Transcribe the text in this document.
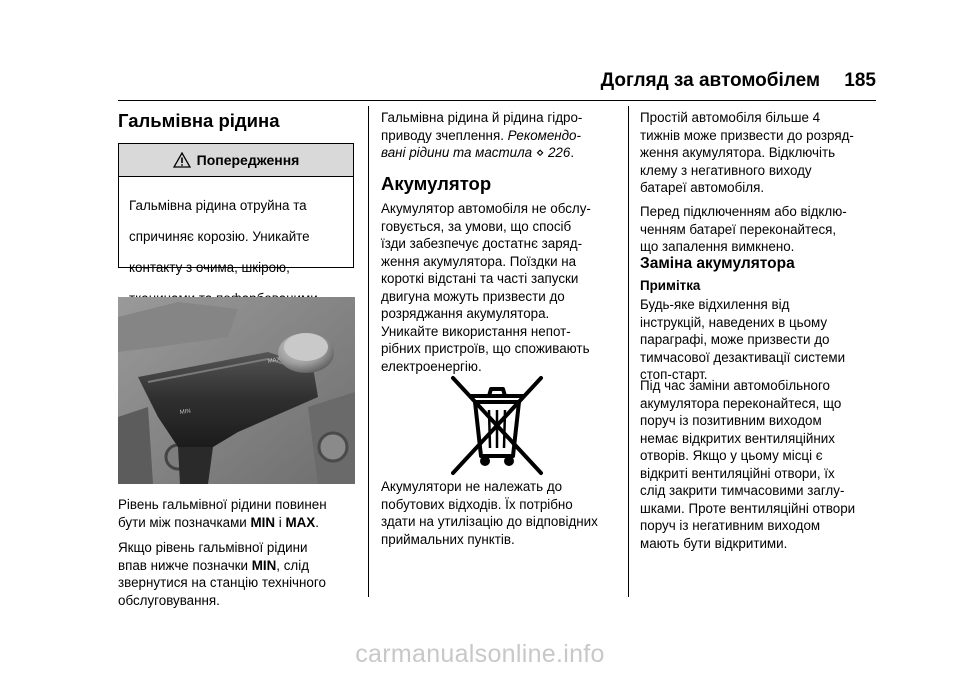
Догляд за автомобілем	185
Гальмівна рідина
Попередження

Гальмівна рідина отруйна та

спричиняє корозію. Уникайте

контакту з очима, шкірою,

MAX
MIN

Рівень гальмівної рідини повинен

бути між позначками MIN і MAX.

Якщо рівень гальмівної рідини

впав нижче позначки MIN, слід

звернутися на станцію технічного

обслуговування.

Гальмівна рідина й рідина гідро-

приводу зчеплення. Рекомендо-

вані рідини та мастила ⋄ 226.

Акумулятор

Акумулятор автомобіля не обслу-

говується, за умови, що спосіб

їзди забезпечує достатнє заряд-

ження акумулятора. Поїздки на

короткі відстані та часті запуски

двигуна можуть призвести до

розряджання акумулятора.

Уникайте використання непот-

рібних пристроїв, що споживають

електроенергію.

Акумулятори не належать до

побутових відходів. Їх потрібно

здати на утилізацію до відповідних

приймальних пунктів.

Простій автомобіля більше 4

тижнів може призвести до розряд-

ження акумулятора. Відключіть

клему з негативного виходу

батареї автомобіля.

Перед підключенням або відклю-

ченням батареї переконайтеся,

що запалення вимкнено.

Заміна акумулятора
Примітка

Будь-яке відхилення від

інструкцій, наведених в цьому

параграфі, може призвести до

тимчасової дезактивації системи

стоп-старт.

Під час заміни автомобільного

акумулятора переконайтеся, що

поруч із позитивним виходом

немає відкритих вентиляційних

отворів. Якщо у цьому місці є

відкриті вентиляційні отвори, їх

слід закрити тимчасовими заглу-

шками. Проте вентиляційні отвори

поруч із негативним виходом

мають бути відкритими.

carmanualsonline.info
